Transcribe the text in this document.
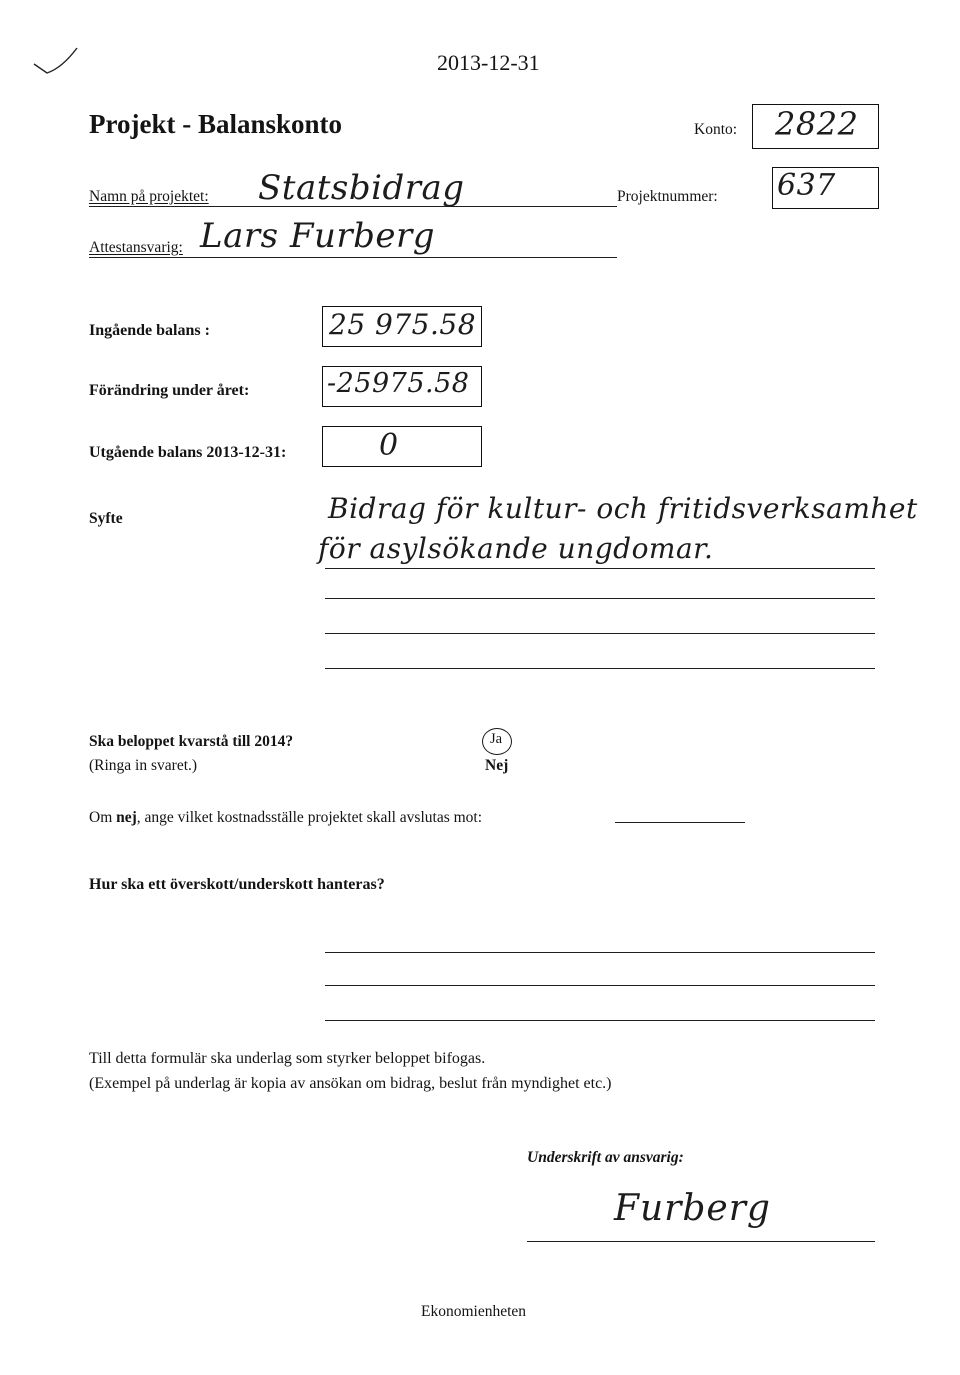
2013-12-31
Projekt - Balanskonto	Konto: 2822
Namn på projektet: Statsbidrag	Projektnummer: 637
Attestansvarig: Lars Furberg
Ingående balans :	25 975.58
Förändring under året:	-25975.58
Utgående balans 2013-12-31:	0
Syfte	Bidrag för kultur- och fritidsverksamhet
för asylsökande ungdomar.
Ska beloppet kvarstå till 2014?
(Ringa in svaret.)
Ja
Nej
Om nej, ange vilket kostnadsställe projektet skall avslutas mot:
Hur ska ett överskott/underskott hanteras?
Till detta formulär ska underlag som styrker beloppet bifogas.
(Exempel på underlag är kopia av ansökan om bidrag, beslut från myndighet etc.)
Underskrift av ansvarig:
Furberg
Ekonomienheten
